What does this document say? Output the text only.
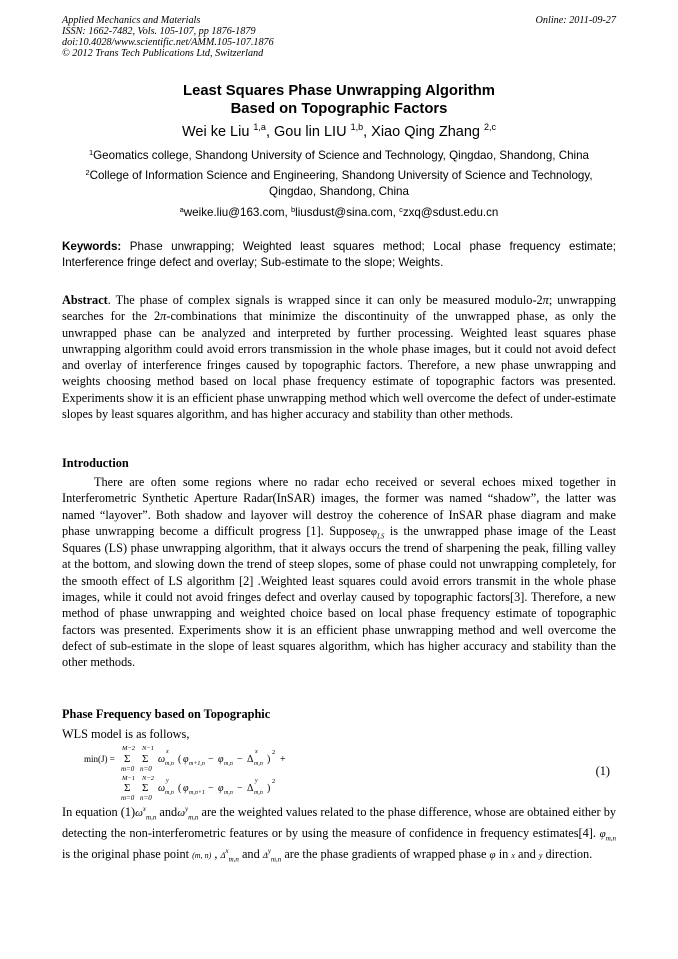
Applied Mechanics and Materials
ISSN: 1662-7482, Vols. 105-107, pp 1876-1879
doi:10.4028/www.scientific.net/AMM.105-107.1876
© 2012 Trans Tech Publications Ltd, Switzerland
Online: 2011-09-27
Least Squares Phase Unwrapping Algorithm
Based on Topographic Factors
Wei ke Liu $^{1,a}$, Gou lin LIU $^{1,b}$, Xiao Qing Zhang $^{2,c}$
$^1$Geomatics college, Shandong University of Science and Technology, Qingdao, Shandong, China
$^2$College of Information Science and Engineering, Shandong University of Science and Technology,
Qingdao, Shandong, China
$^a$weike.liu@163.com, $^b$liusdust@sina.com, $^c$zxq@sdust.edu.cn
Keywords: Phase unwrapping; Weighted least squares method; Local phase frequency estimate; Interference fringe defect and overlay; Sub-estimate to the slope; Weights.
Abstract. The phase of complex signals is wrapped since it can only be measured modulo-2π; unwrapping searches for the 2π-combinations that minimize the discontinuity of the unwrapped phase, as only the unwrapped phase can be analyzed and interpreted by further processing. Weighted least squares phase unwrapping algorithm could avoid errors transmission in the whole phase images, but it could not avoid defect and overlay of interference fringes caused by topographic factors. Therefore, a new phase unwrapping and weights choosing method based on local phase frequency estimate of topographic factors was presented. Experiments show it is an efficient phase unwrapping method which well overcome the defect of under-estimate slopes by least squares algorithm, and has higher accuracy and stability than other methods.
Introduction
There are often some regions where no radar echo received or several echoes mixed together in Interferometric Synthetic Aperture Radar(InSAR) images, the former was named “shadow”, the latter was named “layover”. Both shadow and layover will destroy the coherence of InSAR phase diagram and make phase unwrapping become a difficult progress [1]. Supposeφ$_{LS}$ is the unwrapped phase image of the Least Squares (LS) phase unwrapping algorithm, that it always occurs the trend of sharpening the peak, filling valley at the bottom, and slowing down the trend of steep slopes, some of phase could not unwrapping completely, for the smooth effect of LS algorithm [2] .Weighted least squares could avoid errors transmit in the whole phase images, while it could not avoid fringes defect and overlay caused by topographic factors[3]. Therefore, a new method of phase unwrapping and weighted choice based on local phase frequency estimate of topographic factors was presented. Experiments show it is an efficient phase unwrapping method and well overcome the defect of sub-estimate in the slope of least squares algorithm, which has higher accuracy and stability than the other methods.
Phase Frequency based on Topographic
WLS model is as follows,
min(J) =
M−2 N−1
Σ Σ
m=0 n=0
ω
x
m,n ( φ m+1,n − φ m,n − Δ
x
m,n )
2
+
M−1 N−2
Σ Σ
m=0 n=0
ω
y
m,n ( φ m,n+1 − φ m,n − Δ
y
m,n )
2
(1)
In equation $(1)\omega^x_{m,n}$ andω$^y_{m,n}$ are the weighted values related to the phase difference, whose are obtained either by detecting the non-interferometric features or by using the measure of confidence in frequency estimates[4]. $\varphi_{m,n}$ is the original phase point (m, n) , $\Delta^x_{m,n}$ and $\Delta^y_{m,n}$ are the phase gradients of wrapped phase φ in x and y direction.
